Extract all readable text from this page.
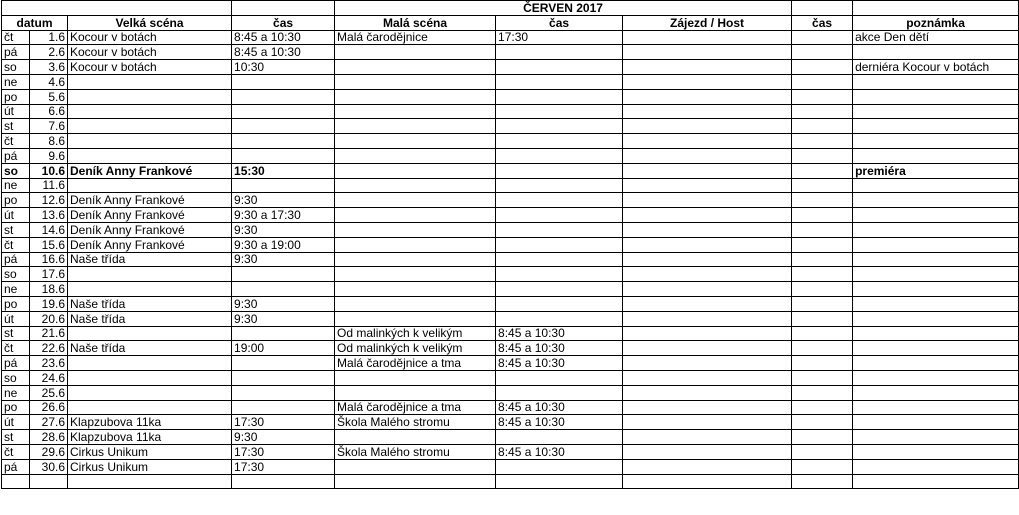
				ČERVEN 2017				
datum		Velká scéna	čas	Malá scéna	čas	Zájezd / Host	čas	poznámka
čt	1.6	Kocour v botách	8:45 a 10:30	Malá čarodějnice	17:30			akce Den dětí
pá	2.6	Kocour v botách	8:45 a 10:30					
so	3.6	Kocour v botách	10:30					derniéra Kocour v botách
ne	4.6							
po	5.6							
út	6.6							
st	7.6							
čt	8.6							
pá	9.6							
so	10.6	Deník Anny Frankové	15:30					premiéra
ne	11.6							
po	12.6	Deník Anny Frankové	9:30					
út	13.6	Deník Anny Frankové	9:30 a 17:30					
st	14.6	Deník Anny Frankové	9:30					
čt	15.6	Deník Anny Frankové	9:30 a 19:00					
pá	16.6	Naše třída	9:30					
so	17.6							
ne	18.6							
po	19.6	Naše třída	9:30					
út	20.6	Naše třída	9:30					
st	21.6			Od malinkých k velikým	8:45 a 10:30			
čt	22.6	Naše třída	19:00	Od malinkých k velikým	8:45 a 10:30			
pá	23.6			Malá čarodějnice a tma	8:45 a 10:30			
so	24.6							
ne	25.6							
po	26.6			Malá čarodějnice a tma	8:45 a 10:30			
út	27.6	Klapzubova 11ka	17:30	Škola Malého stromu	8:45 a 10:30			
st	28.6	Klapzubova 11ka	9:30					
čt	29.6	Cirkus Unikum	17:30	Škola Malého stromu	8:45 a 10:30			
pá	30.6	Cirkus Unikum	17:30					
